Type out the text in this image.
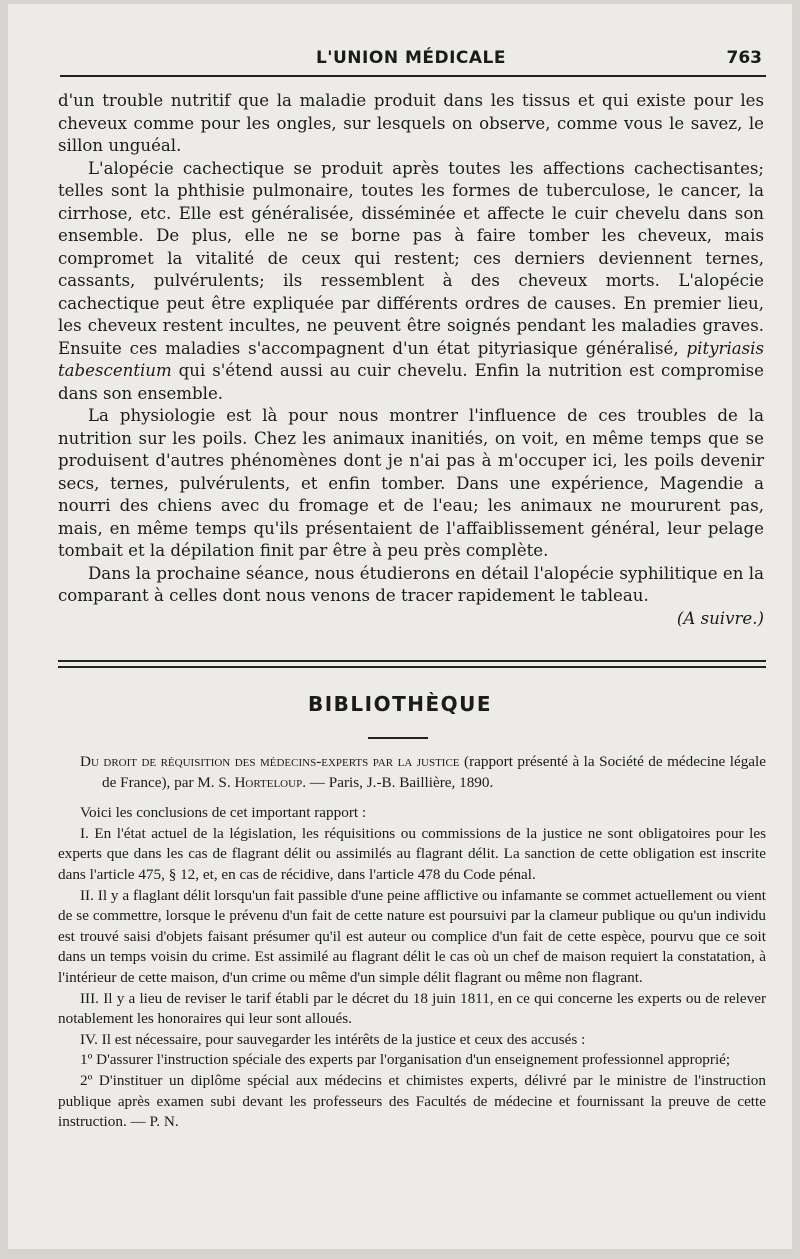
L'UNION MÉDICALE	763

d'un trouble nutritif que la maladie produit dans les tissus et qui existe pour les cheveux comme pour les ongles, sur lesquels on observe, comme vous le savez, le sillon unguéal.

L'alopécie cachectique se produit après toutes les affections cachectisantes; telles sont la phthisie pulmonaire, toutes les formes de tuberculose, le cancer, la cirrhose, etc. Elle est généralisée, disséminée et affecte le cuir chevelu dans son ensemble. De plus, elle ne se borne pas à faire tomber les cheveux, mais compromet la vitalité de ceux qui restent; ces derniers deviennent ternes, cassants, pulvérulents; ils ressemblent à des cheveux morts. L'alopécie cachectique peut être expliquée par différents ordres de causes. En premier lieu, les cheveux restent incultes, ne peuvent être soignés pendant les maladies graves. Ensuite ces maladies s'accompagnent d'un état pityriasique généralisé, pityriasis tabescentium qui s'étend aussi au cuir chevelu. Enfin la nutrition est compromise dans son ensemble.

La physiologie est là pour nous montrer l'influence de ces troubles de la nutrition sur les poils. Chez les animaux inanitiés, on voit, en même temps que se produisent d'autres phénomènes dont je n'ai pas à m'occuper ici, les poils devenir secs, ternes, pulvérulents, et enfin tomber. Dans une expérience, Magendie a nourri des chiens avec du fromage et de l'eau; les animaux ne moururent pas, mais, en même temps qu'ils présentaient de l'affaiblissement général, leur pelage tombait et la dépilation finit par être à peu près complète.

Dans la prochaine séance, nous étudierons en détail l'alopécie syphilitique en la comparant à celles dont nous venons de tracer rapidement le tableau.
(A suivre.)

BIBLIOTHÈQUE

Du droit de réquisition des médecins-experts par la justice (rapport présenté à la Société de médecine légale de France), par M. S. Horteloup. — Paris, J.-B. Baillière, 1890.

Voici les conclusions de cet important rapport :

I. En l'état actuel de la législation, les réquisitions ou commissions de la justice ne sont obligatoires pour les experts que dans les cas de flagrant délit ou assimilés au flagrant délit. La sanction de cette obligation est inscrite dans l'article 475, § 12, et, en cas de récidive, dans l'article 478 du Code pénal.

II. Il y a flaglant délit lorsqu'un fait passible d'une peine afflictive ou infamante se commet actuellement ou vient de se commettre, lorsque le prévenu d'un fait de cette nature est poursuivi par la clameur publique ou qu'un individu est trouvé saisi d'objets faisant présumer qu'il est auteur ou complice d'un fait de cette espèce, pourvu que ce soit dans un temps voisin du crime. Est assimilé au flagrant délit le cas où un chef de maison requiert la constatation, à l'intérieur de cette maison, d'un crime ou même d'un simple délit flagrant ou même non flagrant.

III. Il y a lieu de reviser le tarif établi par le décret du 18 juin 1811, en ce qui concerne les experts ou de relever notablement les honoraires qui leur sont alloués.

IV. Il est nécessaire, pour sauvegarder les intérêts de la justice et ceux des accusés :

1º D'assurer l'instruction spéciale des experts par l'organisation d'un enseignement professionnel approprié;

2º D'instituer un diplôme spécial aux médecins et chimistes experts, délivré par le ministre de l'instruction publique après examen subi devant les professeurs des Facultés de médecine et fournissant la preuve de cette instruction. — P. N.
